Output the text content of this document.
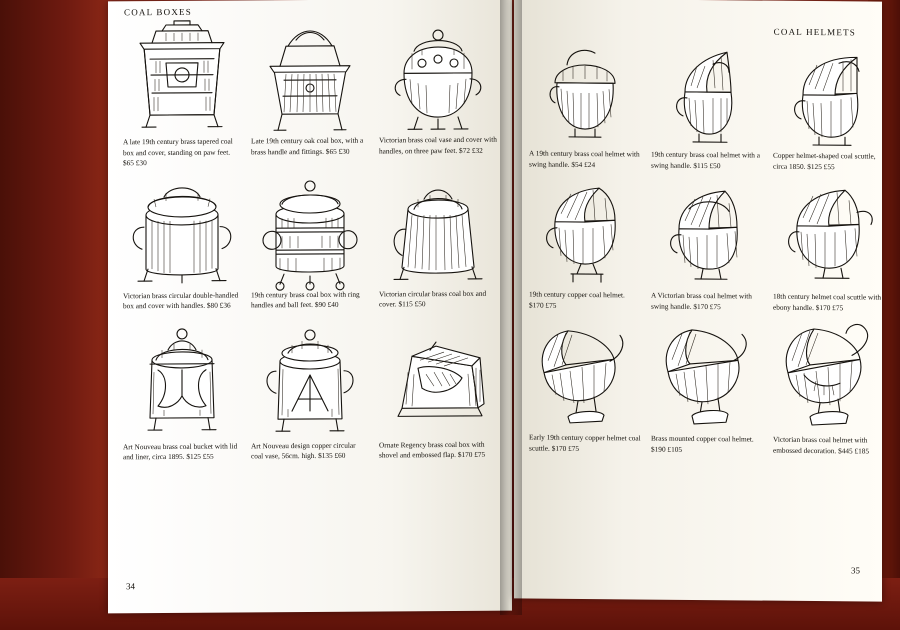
COAL BOXES
A late 19th century brass tapered coal box and cover, standing on paw feet. $65 £30
Late 19th century oak coal box, with a brass handle and fittings. $65 £30
Victorian brass coal vase and cover with handles, on three paw feet. $72 £32
Victorian brass circular double-handled box and cover with handles. $80 £36
19th century brass coal box with ring handles and ball feet. $90 £40
Victorian circular brass coal box and cover. $115 £50
Art Nouveau brass coal bucket with lid and liner, circa 1895. $125 £55
Art Nouveau design copper circular coal vase, 56cm. high. $135 £60
Ornate Regency brass coal box with shovel and embossed flap. $170 £75
34
COAL HELMETS
A 19th century brass coal helmet with swing handle. $54 £24
19th century brass coal helmet with a swing handle. $115 £50
Copper helmet-shaped coal scuttle, circa 1850. $125 £55
19th century copper coal helmet. $170 £75
A Victorian brass coal helmet with swing handle. $170 £75
18th century helmet coal scuttle with ebony handle. $170 £75
Early 19th century copper helmet coal scuttle. $170 £75
Brass mounted copper coal helmet. $190 £105
Victorian brass coal helmet with embossed decoration. $445 £185
35
